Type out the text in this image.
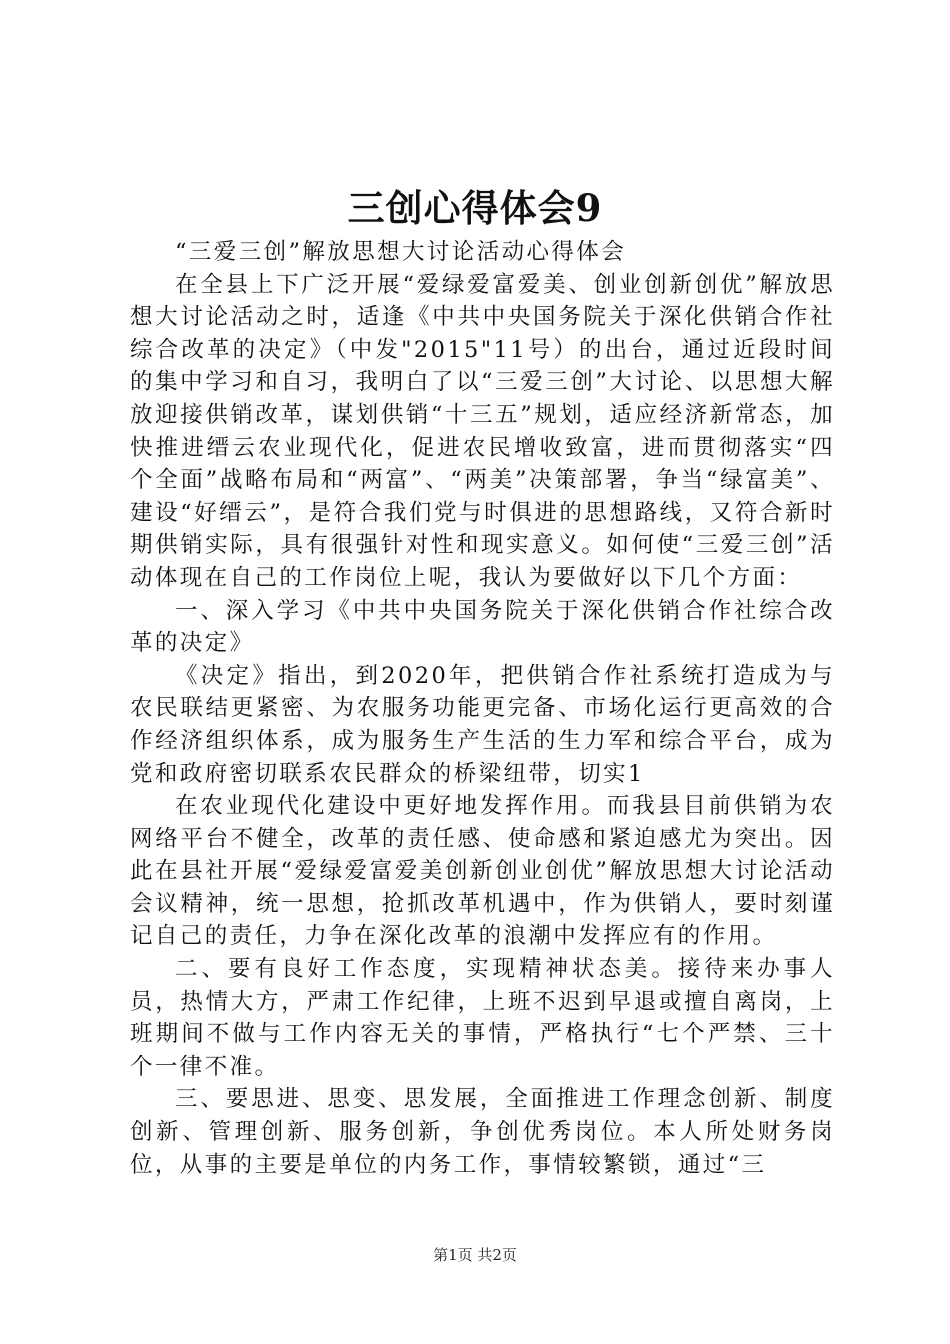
三创心得体会9

“三爱三创”解放思想大讨论活动心得体会

在全县上下广泛开展“爱绿爱富爱美、创业创新创优”解放思想大讨论活动之时，适逢《中共中央国务院关于深化供销合作社综合改革的决定》（中发"2015"11号）的出台，通过近段时间的集中学习和自习，我明白了以“三爱三创”大讨论、以思想大解放迎接供销改革，谋划供销“十三五”规划，适应经济新常态，加快推进缙云农业现代化，促进农民增收致富，进而贯彻落实“四个全面”战略布局和“两富”、“两美”决策部署，争当“绿富美”、建设“好缙云”，是符合我们党与时俱进的思想路线，又符合新时期供销实际，具有很强针对性和现实意义。如何使“三爱三创”活动体现在自己的工作岗位上呢，我认为要做好以下几个方面：

一、深入学习《中共中央国务院关于深化供销合作社综合改革的决定》

《决定》指出，到2020年，把供销合作社系统打造成为与农民联结更紧密、为农服务功能更完备、市场化运行更高效的合作经济组织体系，成为服务生产生活的生力军和综合平台，成为党和政府密切联系农民群众的桥梁纽带，切实1

在农业现代化建设中更好地发挥作用。而我县目前供销为农网络平台不健全，改革的责任感、使命感和紧迫感尤为突出。因此在县社开展“爱绿爱富爱美创新创业创优”解放思想大讨论活动会议精神，统一思想，抢抓改革机遇中，作为供销人，要时刻谨记自己的责任，力争在深化改革的浪潮中发挥应有的作用。

二、要有良好工作态度，实现精神状态美。接待来办事人员，热情大方，严肃工作纪律，上班不迟到早退或擅自离岗，上班期间不做与工作内容无关的事情，严格执行“七个严禁、三十个一律不准。

三、要思进、思变、思发展，全面推进工作理念创新、制度创新、管理创新、服务创新，争创优秀岗位。本人所处财务岗位，从事的主要是单位的内务工作，事情较繁锁，通过“三

第1页 共2页
